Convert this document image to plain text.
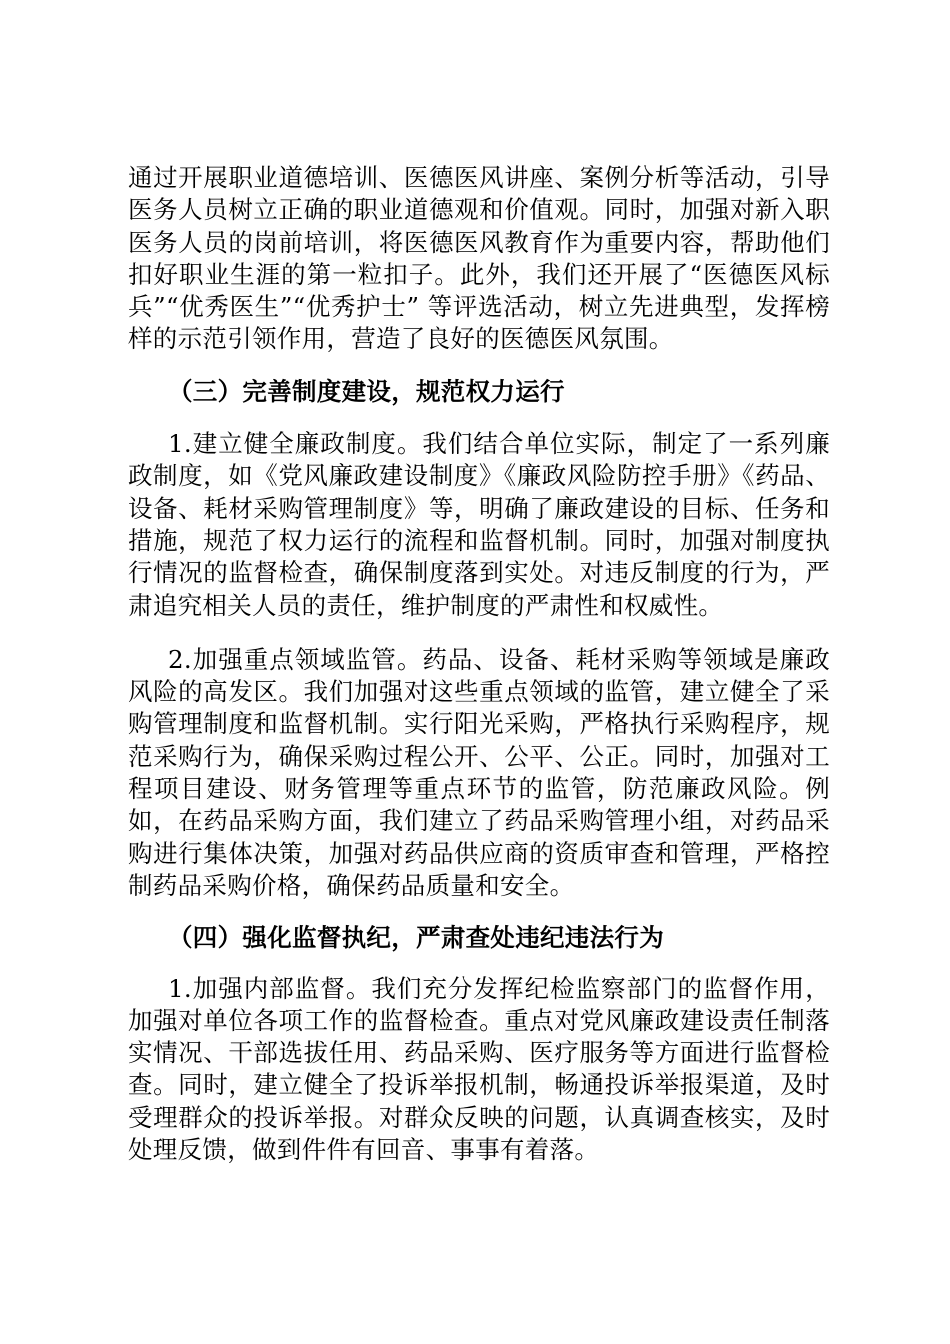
通过开展职业道德培训、医德医风讲座、案例分析等活动，引导医务人员树立正确的职业道德观和价值观。同时，加强对新入职医务人员的岗前培训，将医德医风教育作为重要内容，帮助他们扣好职业生涯的第一粒扣子。此外，我们还开展了“医德医风标兵”“优秀医生”“优秀护士” 等评选活动，树立先进典型，发挥榜样的示范引领作用，营造了良好的医德医风氛围。

（三）完善制度建设，规范权力运行

1.建立健全廉政制度。我们结合单位实际，制定了一系列廉政制度，如《党风廉政建设制度》《廉政风险防控手册》《药品、设备、耗材采购管理制度》等，明确了廉政建设的目标、任务和措施，规范了权力运行的流程和监督机制。同时，加强对制度执行情况的监督检查，确保制度落到实处。对违反制度的行为，严肃追究相关人员的责任，维护制度的严肃性和权威性。

2.加强重点领域监管。药品、设备、耗材采购等领域是廉政风险的高发区。我们加强对这些重点领域的监管，建立健全了采购管理制度和监督机制。实行阳光采购，严格执行采购程序，规范采购行为，确保采购过程公开、公平、公正。同时，加强对工程项目建设、财务管理等重点环节的监管，防范廉政风险。例如，在药品采购方面，我们建立了药品采购管理小组，对药品采购进行集体决策，加强对药品供应商的资质审查和管理，严格控制药品采购价格，确保药品质量和安全。

（四）强化监督执纪，严肃查处违纪违法行为

1.加强内部监督。我们充分发挥纪检监察部门的监督作用，加强对单位各项工作的监督检查。重点对党风廉政建设责任制落实情况、干部选拔任用、药品采购、医疗服务等方面进行监督检查。同时，建立健全了投诉举报机制，畅通投诉举报渠道，及时受理群众的投诉举报。对群众反映的问题，认真调查核实，及时处理反馈，做到件件有回音、事事有着落。
